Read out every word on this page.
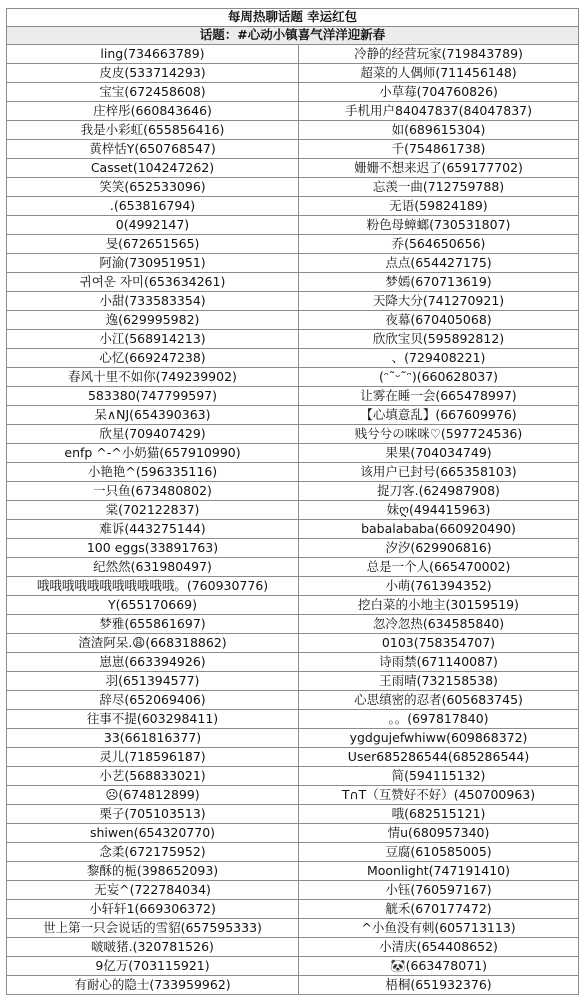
每周热聊话题 幸运红包
话题：#心动小镇喜气洋洋迎新春
ling(734663789)	冷静的经营玩家(719843789)
皮皮(533714293)	超菜的人偶师(711456148)
宝宝(672458608)	小草莓(704760826)
庄梓彤(660843646)	手机用户84047837(84047837)
我是小彩虹(655856416)	如(689615304)
黄梓恬Y(650768547)	千(754861738)
Casset(104247262)	姗姗不想来迟了(659177702)
笑笑(652533096)	忘羡一曲(712759788)
.(653816794)	无语(598241​89)
0(4992147)	粉色母蟑螂(730531807)
旻(672651565)	乔(564650656)
阿渝(730951951)	点点(654427175)
귀여운 자미(653634261)	梦嫣(670713619)
小甜(733583354)	天降大分(741270921)
逸(629995982)	夜幕(670405068)
小江(568914213)	欣欣宝贝(595892812)
心忆(669247238)	、(729408221)
春风十里不如你(749239902)	(ᵔ˜ᵕ˜ᵔ)(660628037)
583380(747799597)	让雾在睡一会(665478997)
呆∧NJ(654390363)	【心填意乱】(667609976)
欣星(709407429)	贱兮兮の咪咪♡(597724536)
enfp ^-^小奶猫(657910990)	果果(704034749)
小艳艳^(596335116)	该用户已封号(665358103)
一只鱼(673480802)	捉刀客.(624987908)
棠(702122837)	妹ღ(494415963)
难诉(443275144)	babalababa(660920490)
100 eggs(33891763)	汐汐(629906816)
纪然然(631980497)	总是一个人(665470002)
哦哦哦哦哦哦哦哦哦哦哦。(760930776)	小萌(761394352)
Y(655170669)	挖白菜的小地主(30159519)
梦雅(655861697)	忽冷忽热(634585840)
渣渣阿呆.😩(668318862)	0103(758354707)
崽崽(663394926)	诗雨禁(671140087)
羽(651394577)	王雨晴(732158538)
辞尽(652069406)	心思缜密的忍者(605683745)
往事不提(603298411)	。。(697817840)
33(661816377)	ygdgujefwhiww(609868372)
灵儿(718596187)	User685286544(685286544)
小艺(568833021)	简(594115132)
☹(674812899)	T∩T（互赞好不好）(450700963)
栗子(705103513)	哦(682515121)
shiwen(654320770)	情u(680957340)
念柔(672175952)	豆腐(610585005)
黎酥的栀(398652093)	Moonlight(747191410)
无妄^(722784034)	小钰(760597167)
小轩轩1(669306372)	觥禾(670177472)
世上第一只会说话的雪貂(657595333)	^小鱼没有刺(605713113)
啵啵猪.(320781526)	小清庆(654408652)
9亿万(703115921)	🐼(663478071)
有耐心的隐士(733959962)	梧桐(651932376)
